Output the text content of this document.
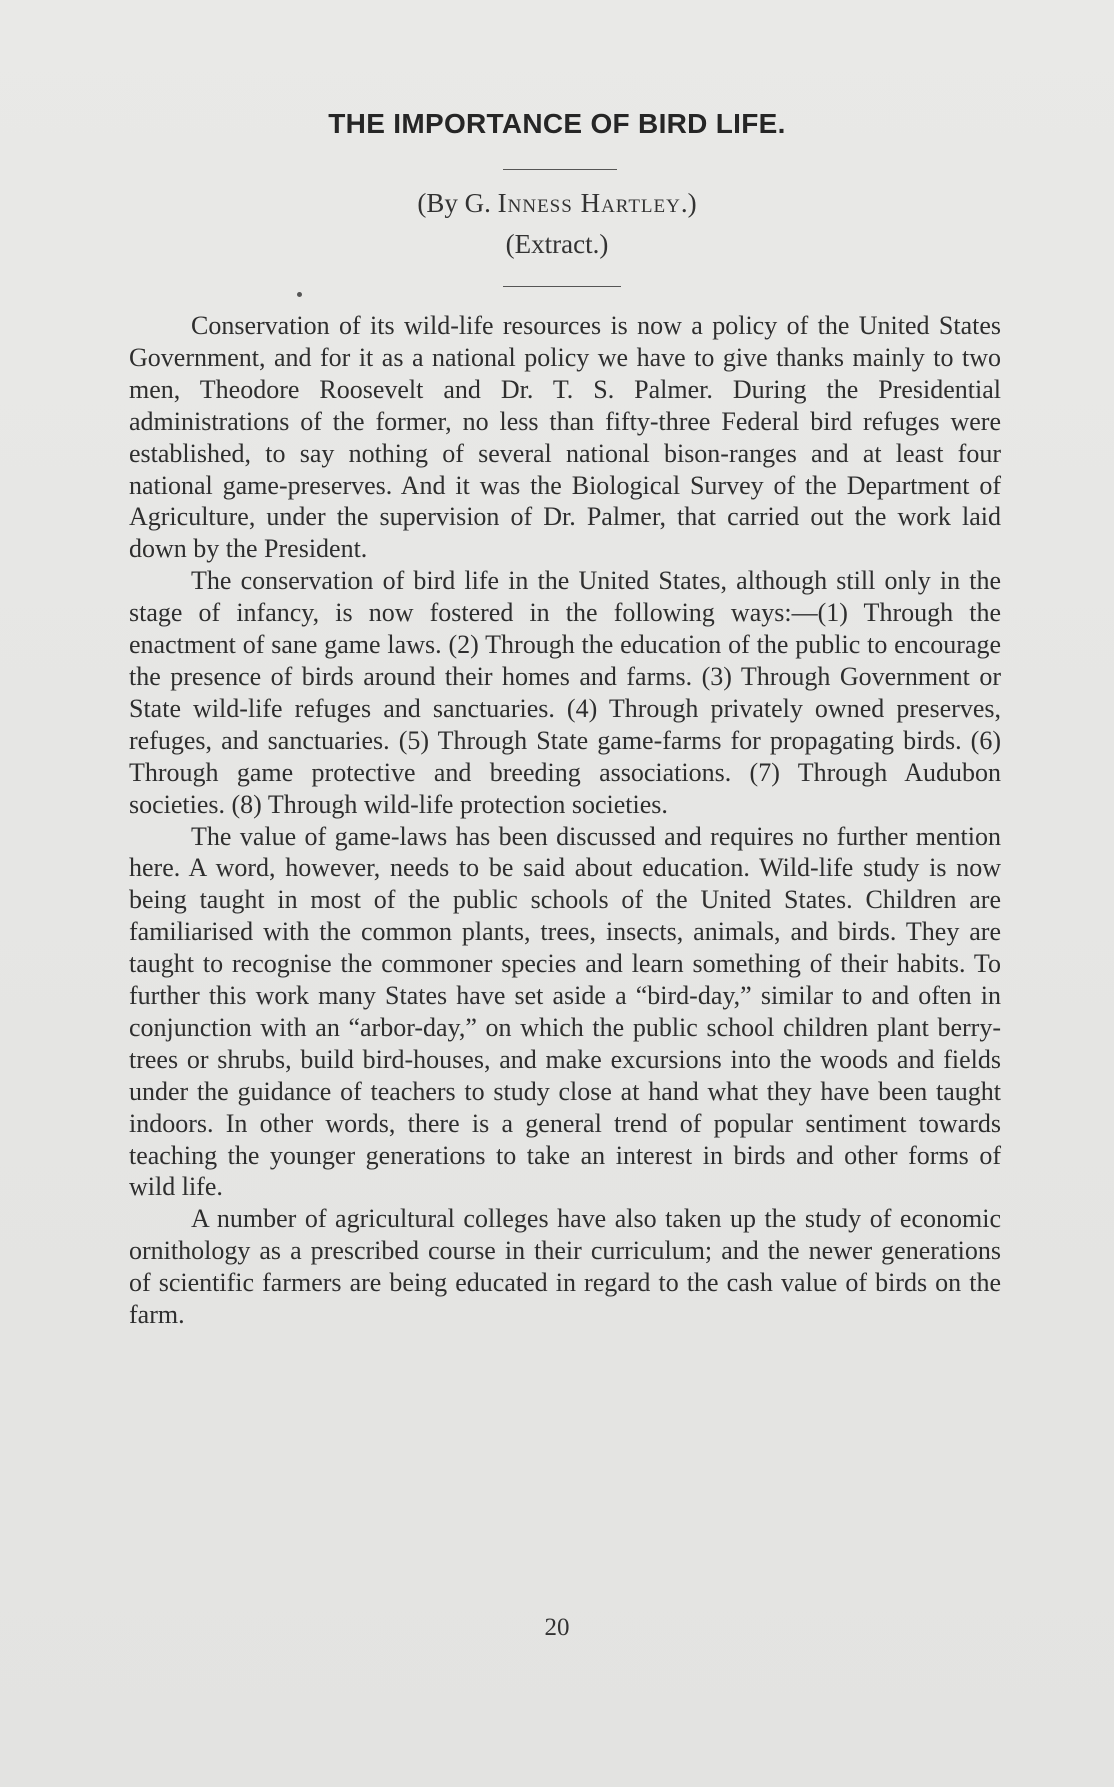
THE IMPORTANCE OF BIRD LIFE.
(By G. Inness Hartley.)
(Extract.)

Conservation of its wild-life resources is now a policy of the United States Government, and for it as a national policy we have to give thanks mainly to two men, Theodore Roosevelt and Dr. T. S. Palmer. During the Presidential administrations of the former, no less than fifty-three Federal bird refuges were established, to say nothing of several national bison-ranges and at least four national game-preserves. And it was the Biological Survey of the Department of Agriculture, under the supervision of Dr. Palmer, that carried out the work laid down by the President.

The conservation of bird life in the United States, although still only in the stage of infancy, is now fostered in the following ways:—(1) Through the enactment of sane game laws. (2) Through the education of the public to encourage the presence of birds around their homes and farms. (3) Through Government or State wild-life refuges and sanctuaries. (4) Through privately owned preserves, refuges, and sanctuaries. (5) Through State game-farms for propagating birds. (6) Through game protective and breeding associations. (7) Through Audubon societies. (8) Through wild-life protection societies.

The value of game-laws has been discussed and requires no further mention here. A word, however, needs to be said about education. Wild-life study is now being taught in most of the public schools of the United States. Children are familiarised with the common plants, trees, insects, animals, and birds. They are taught to recognise the commoner species and learn something of their habits. To further this work many States have set aside a “bird-day,” similar to and often in conjunction with an “arbor-day,” on which the public school children plant berry-trees or shrubs, build bird-houses, and make excursions into the woods and fields under the guidance of teachers to study close at hand what they have been taught indoors. In other words, there is a general trend of popular sentiment towards teaching the younger generations to take an interest in birds and other forms of wild life.

A number of agricultural colleges have also taken up the study of economic ornithology as a prescribed course in their curriculum; and the newer generations of scientific farmers are being educated in regard to the cash value of birds on the farm.

20
